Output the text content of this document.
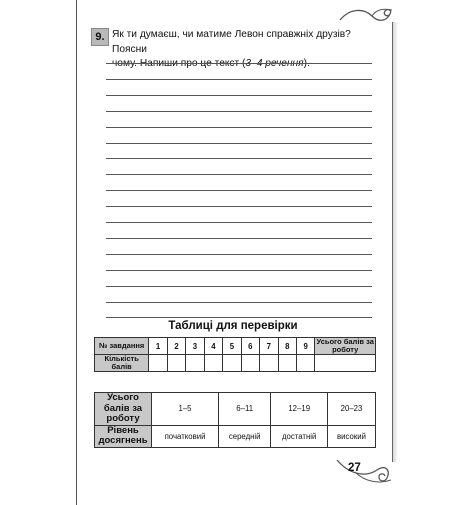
9. Як ти думаєш, чи матиме Левон справжніх друзів? Поясни
чому. Напиши про це текст (3–4 речення).
Таблиці для перевірки
№ завдання	1	2	3	4	5	6	7	8	9	Усього балів за роботу
Кількість балів										
Усього балів за роботу	1–5	6–11	12–19	20–23
Рівень досягнень	початковий	середній	достатній	високий
27
